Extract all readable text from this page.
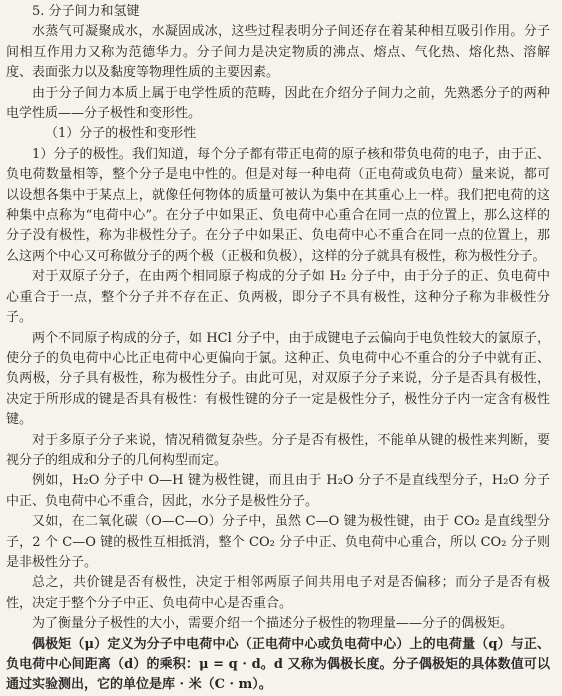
5. 分子间力和氢键

水蒸气可凝聚成水，水凝固成冰，这些过程表明分子间还存在着某种相互吸引作用。分子间相互作用力又称为范德华力。分子间力是决定物质的沸点、熔点、气化热、熔化热、溶解度、表面张力以及黏度等物理性质的主要因素。

由于分子间力本质上属于电学性质的范畴，因此在介绍分子间力之前，先熟悉分子的两种电学性质——分子极性和变形性。

（1）分子的极性和变形性

1）分子的极性。我们知道，每个分子都有带正电荷的原子核和带负电荷的电子，由于正、负电荷数量相等，整个分子是电中性的。但是对每一种电荷（正电荷或负电荷）量来说，都可以设想各集中于某点上，就像任何物体的质量可被认为集中在其重心上一样。我们把电荷的这种集中点称为“电荷中心”。在分子中如果正、负电荷中心重合在同一点的位置上，那么这样的分子没有极性，称为非极性分子。在分子中如果正、负电荷中心不重合在同一点的位置上，那么这两个中心又可称做分子的两个极（正极和负极），这样的分子就具有极性，称为极性分子。

对于双原子分子，在由两个相同原子构成的分子如 H₂ 分子中，由于分子的正、负电荷中心重合于一点，整个分子并不存在正、负两极，即分子不具有极性，这种分子称为非极性分子。

两个不同原子构成的分子，如 HCl 分子中，由于成键电子云偏向于电负性较大的氯原子，使分子的负电荷中心比正电荷中心更偏向于氯。这种正、负电荷中心不重合的分子中就有正、负两极，分子具有极性，称为极性分子。由此可见，对双原子分子来说，分子是否具有极性，决定于所形成的键是否具有极性：有极性键的分子一定是极性分子，极性分子内一定含有极性键。

对于多原子分子来说，情况稍微复杂些。分子是否有极性，不能单从键的极性来判断，要视分子的组成和分子的几何构型而定。

例如，H₂O 分子中 O—H 键为极性键，而且由于 H₂O 分子不是直线型分子，H₂O 分子中正、负电荷中心不重合，因此，水分子是极性分子。

又如，在二氧化碳（O—C—O）分子中，虽然 C—O 键为极性键，由于 CO₂ 是直线型分子，2 个 C—O 键的极性互相抵消，整个 CO₂ 分子中正、负电荷中心重合，所以 CO₂ 分子则是非极性分子。

总之，共价键是否有极性，决定于相邻两原子间共用电子对是否偏移；而分子是否有极性，决定于整个分子中正、负电荷中心是否重合。

为了衡量分子极性的大小，需要介绍一个描述分子极性的物理量——分子的偶极矩。

偶极矩（μ）定义为分子中电荷中心（正电荷中心或负电荷中心）上的电荷量（q）与正、负电荷中心间距离（d）的乘积：μ = q · d。d 又称为偶极长度。分子偶极矩的具体数值可以通过实验测出，它的单位是库 · 米（C · m）。
